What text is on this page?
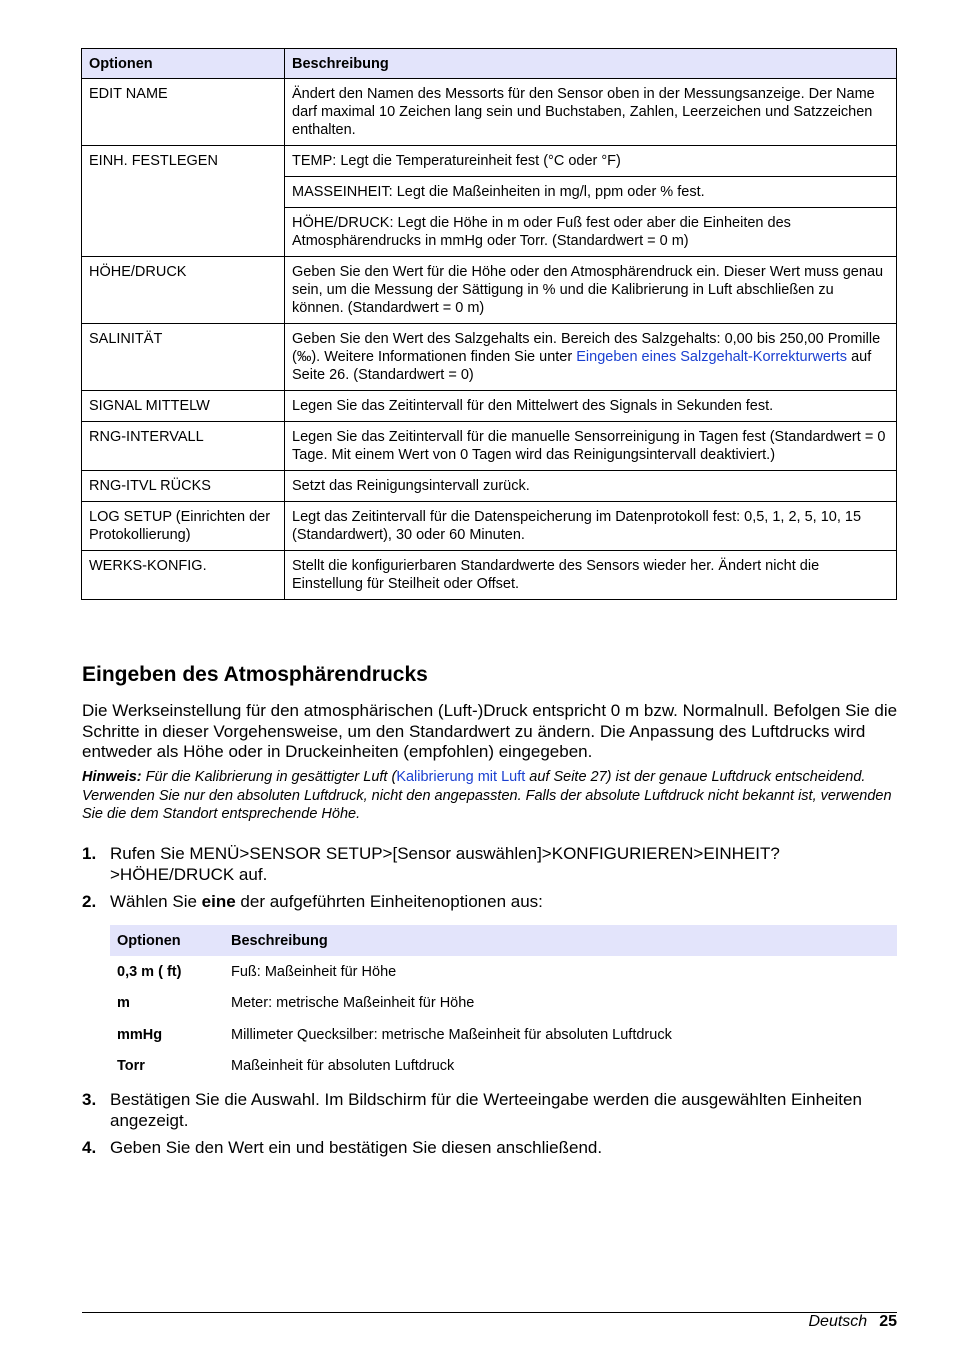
Optionen	Beschreibung
EDIT NAME	Ändert den Namen des Messorts für den Sensor oben in der Messungsanzeige. Der Name darf maximal 10 Zeichen lang sein und Buchstaben, Zahlen, Leerzeichen und Satzzeichen enthalten.
EINH. FESTLEGEN	TEMP: Legt die Temperatureinheit fest (°C oder °F)
	MASSEINHEIT: Legt die Maßeinheiten in mg/l, ppm oder % fest.
	HÖHE/DRUCK: Legt die Höhe in m oder Fuß fest oder aber die Einheiten des Atmosphärendrucks in mmHg oder Torr. (Standardwert = 0 m)
HÖHE/DRUCK	Geben Sie den Wert für die Höhe oder den Atmosphärendruck ein. Dieser Wert muss genau sein, um die Messung der Sättigung in % und die Kalibrierung in Luft abschließen zu können. (Standardwert = 0 m)
SALINITÄT	Geben Sie den Wert des Salzgehalts ein. Bereich des Salzgehalts: 0,00 bis 250,00 Promille (‰). Weitere Informationen finden Sie unter Eingeben eines Salzgehalt-Korrekturwerts auf Seite 26. (Standardwert = 0)
SIGNAL MITTELW	Legen Sie das Zeitintervall für den Mittelwert des Signals in Sekunden fest.
RNG-INTERVALL	Legen Sie das Zeitintervall für die manuelle Sensorreinigung in Tagen fest (Standardwert = 0 Tage. Mit einem Wert von 0 Tagen wird das Reinigungsintervall deaktiviert.)
RNG-ITVL RÜCKS	Setzt das Reinigungsintervall zurück.
LOG SETUP (Einrichten der Protokollierung)	Legt das Zeitintervall für die Datenspeicherung im Datenprotokoll fest: 0,5, 1, 2, 5, 10, 15 (Standardwert), 30 oder 60 Minuten.
WERKS-KONFIG.	Stellt die konfigurierbaren Standardwerte des Sensors wieder her. Ändert nicht die Einstellung für Steilheit oder Offset.
Eingeben des Atmosphärendrucks
Die Werkseinstellung für den atmosphärischen (Luft-)Druck entspricht 0 m bzw. Normalnull. Befolgen Sie die Schritte in dieser Vorgehensweise, um den Standardwert zu ändern. Die Anpassung des Luftdrucks wird entweder als Höhe oder in Druckeinheiten (empfohlen) eingegeben.
Hinweis: Für die Kalibrierung in gesättigter Luft (Kalibrierung mit Luft auf Seite 27) ist der genaue Luftdruck entscheidend. Verwenden Sie nur den absoluten Luftdruck, nicht den angepassten. Falls der absolute Luftdruck nicht bekannt ist, verwenden Sie die dem Standort entsprechende Höhe.
1. Rufen Sie MENÜ>SENSOR SETUP>[Sensor auswählen]>KONFIGURIEREN>EINHEIT?>HÖHE/DRUCK auf.
2. Wählen Sie eine der aufgeführten Einheitenoptionen aus:
Optionen	Beschreibung
0,3 m ( ft)	Fuß: Maßeinheit für Höhe
m	Meter: metrische Maßeinheit für Höhe
mmHg	Millimeter Quecksilber: metrische Maßeinheit für absoluten Luftdruck
Torr	Maßeinheit für absoluten Luftdruck
3. Bestätigen Sie die Auswahl. Im Bildschirm für die Werteeingabe werden die ausgewählten Einheiten angezeigt.
4. Geben Sie den Wert ein und bestätigen Sie diesen anschließend.
Deutsch 25
